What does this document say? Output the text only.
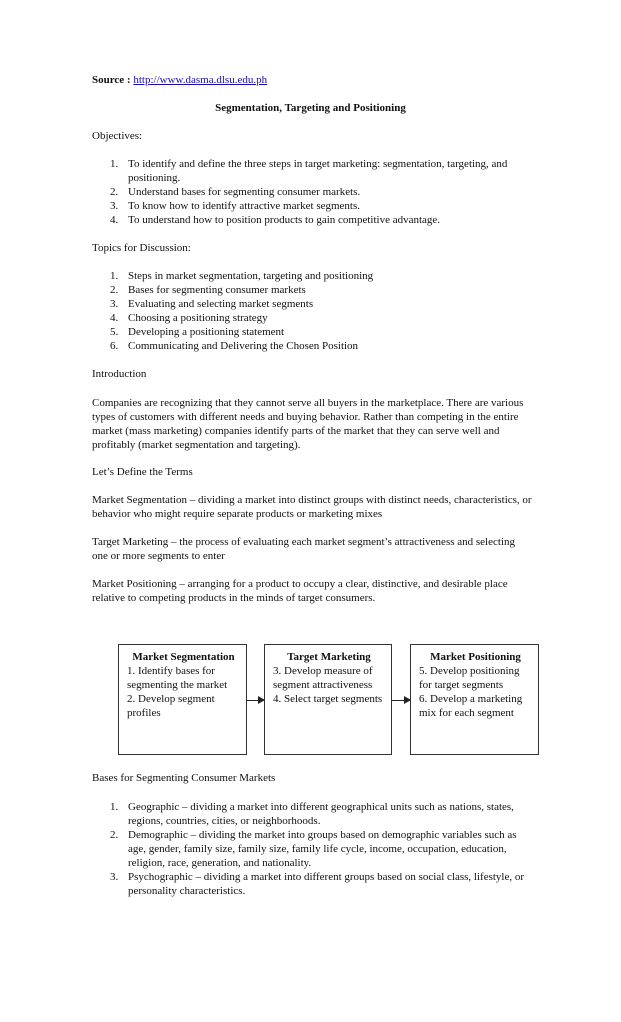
Source : http://www.dasma.dlsu.edu.ph

Segmentation, Targeting and Positioning

Objectives:

1. To identify and define the three steps in target marketing: segmentation, targeting, and positioning.
2. Understand bases for segmenting consumer markets.
3. To know how to identify attractive market segments.
4. To understand how to position products to gain competitive advantage.

Topics for Discussion:

1. Steps in market segmentation, targeting and positioning
2. Bases for segmenting consumer markets
3. Evaluating and selecting market segments
4. Choosing a positioning strategy
5. Developing a positioning statement
6. Communicating and Delivering the Chosen Position

Introduction

Companies are recognizing that they cannot serve all buyers in the marketplace. There are various types of customers with different needs and buying behavior. Rather than competing in the entire market (mass marketing) companies identify parts of the market that they can serve well and profitably (market segmentation and targeting).

Let’s Define the Terms

Market Segmentation – dividing a market into distinct groups with distinct needs, characteristics, or behavior who might require separate products or marketing mixes

Target Marketing – the process of evaluating each market segment’s attractiveness and selecting one or more segments to enter

Market Positioning – arranging for a product to occupy a clear, distinctive, and desirable place relative to competing products in the minds of target consumers.

Market Segmentation

1. Identify bases for segmenting the market

2. Develop segment profiles

Target Marketing

3. Develop measure of segment attractiveness

4. Select target segments

Market Positioning

5. Develop positioning for target segments

6. Develop a marketing mix for each segment

Bases for Segmenting Consumer Markets

1. Geographic – dividing a market into different geographical units such as nations, states, regions, countries, cities, or neighborhoods.
2. Demographic – dividing the market into groups based on demographic variables such as age, gender, family size, family size, family life cycle, income, occupation, education, religion, race, generation, and nationality.
3. Psychographic – dividing a market into different groups based on social class, lifestyle, or personality characteristics.
